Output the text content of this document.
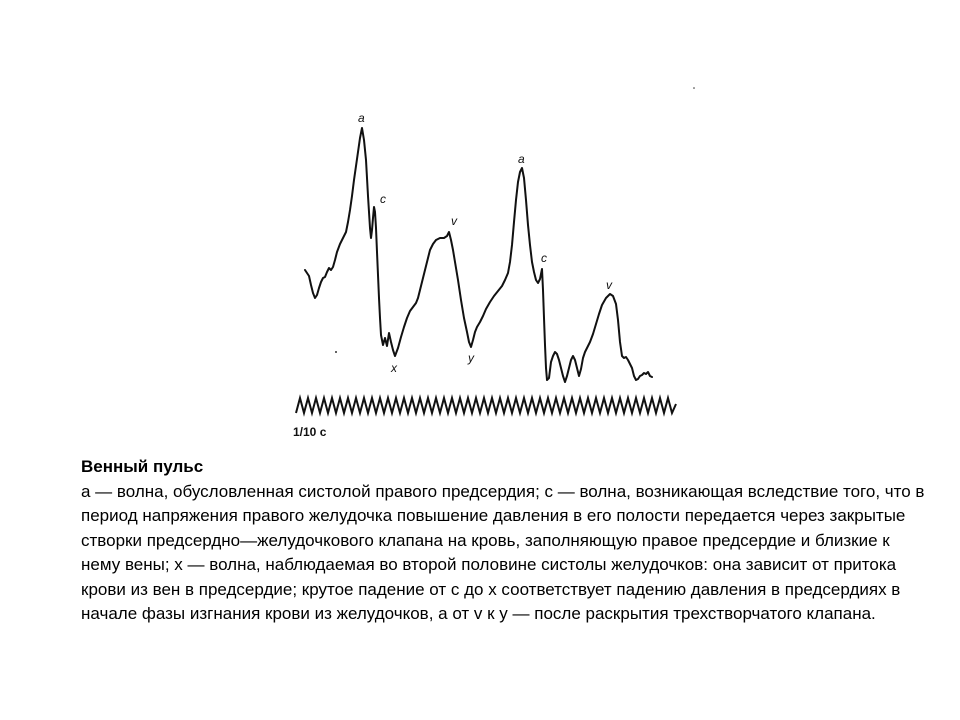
a
c
x
v
y
a
c
v
1/10 c
Венный пульс
а — волна, обусловленная систолой правого предсердия; с — волна, возникающая вследствие того, что в период напряжения правого желудочка повышение давления в его полости передается через закрытые створки предсердно—желудочкового клапана на кровь, заполняющую правое предсердие и близкие к нему вены; х — волна, наблюдаемая во второй половине систолы желудочков: она зависит от притока крови из вен в предсердие; крутое падение от с до х соответствует падению давления в предсердиях в начале фазы изгнания крови из желудочков, а от v к у — после раскрытия трехстворчатого клапана.
